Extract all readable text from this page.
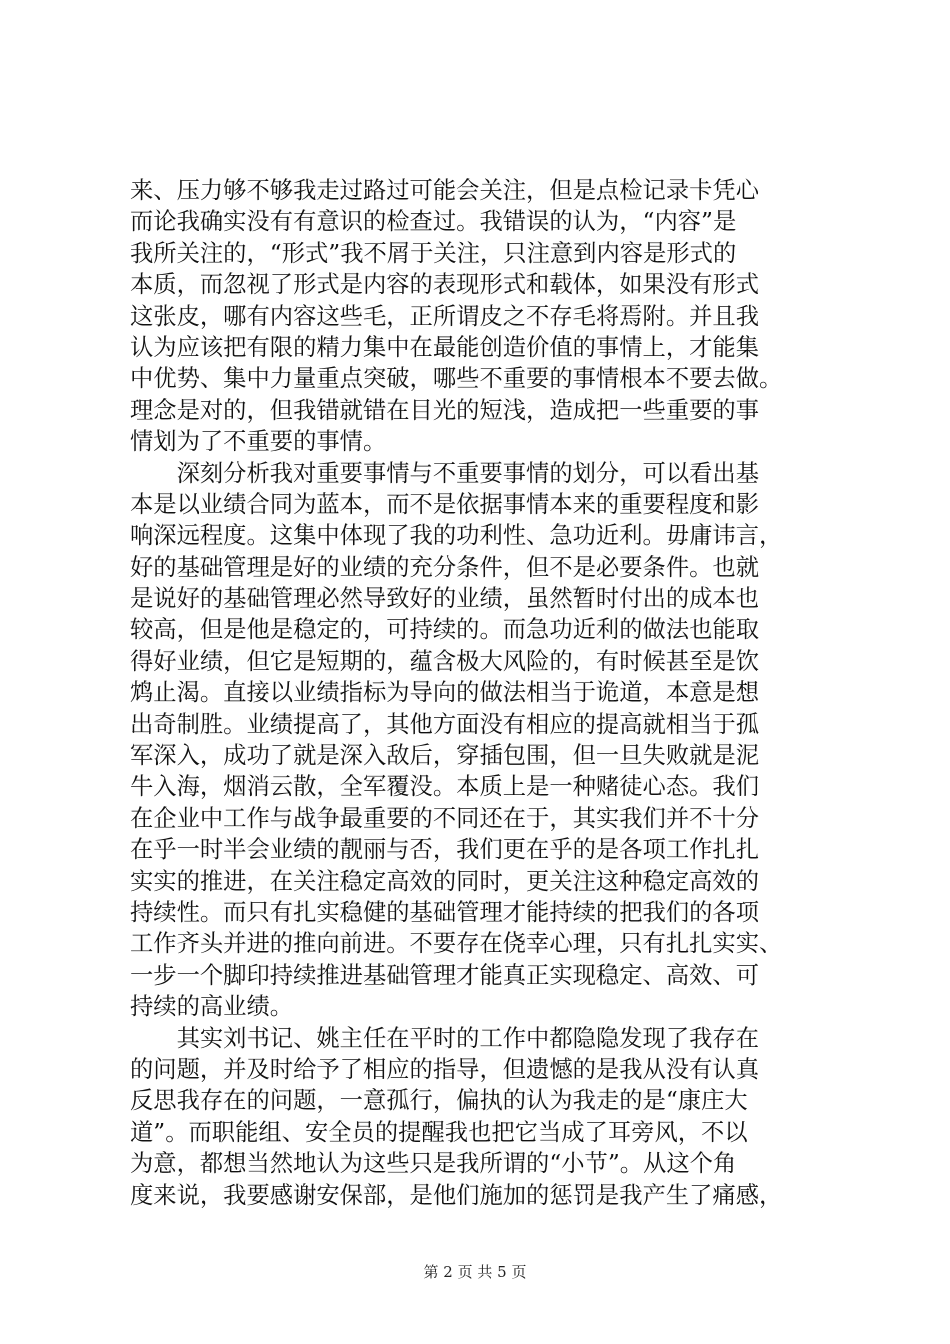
来、压力够不够我走过路过可能会关注，但是点检记录卡凭心
而论我确实没有有意识的检查过。我错误的认为，“内容”是
我所关注的，“形式”我不屑于关注，只注意到内容是形式的
本质，而忽视了形式是内容的表现形式和载体，如果没有形式
这张皮，哪有内容这些毛，正所谓皮之不存毛将焉附。并且我
认为应该把有限的精力集中在最能创造价值的事情上，才能集
中优势、集中力量重点突破，哪些不重要的事情根本不要去做。
理念是对的，但我错就错在目光的短浅，造成把一些重要的事
情划为了不重要的事情。
　　深刻分析我对重要事情与不重要事情的划分，可以看出基
本是以业绩合同为蓝本，而不是依据事情本来的重要程度和影
响深远程度。这集中体现了我的功利性、急功近利。毋庸讳言，
好的基础管理是好的业绩的充分条件，但不是必要条件。也就
是说好的基础管理必然导致好的业绩，虽然暂时付出的成本也
较高，但是他是稳定的，可持续的。而急功近利的做法也能取
得好业绩，但它是短期的，蕴含极大风险的，有时候甚至是饮
鸩止渴。直接以业绩指标为导向的做法相当于诡道，本意是想
出奇制胜。业绩提高了，其他方面没有相应的提高就相当于孤
军深入，成功了就是深入敌后，穿插包围，但一旦失败就是泥
牛入海，烟消云散，全军覆没。本质上是一种赌徒心态。我们
在企业中工作与战争最重要的不同还在于，其实我们并不十分
在乎一时半会业绩的靓丽与否，我们更在乎的是各项工作扎扎
实实的推进，在关注稳定高效的同时，更关注这种稳定高效的
持续性。而只有扎实稳健的基础管理才能持续的把我们的各项
工作齐头并进的推向前进。不要存在侥幸心理，只有扎扎实实、
一步一个脚印持续推进基础管理才能真正实现稳定、高效、可
持续的高业绩。
　　其实刘书记、姚主任在平时的工作中都隐隐发现了我存在
的问题，并及时给予了相应的指导，但遗憾的是我从没有认真
反思我存在的问题，一意孤行，偏执的认为我走的是“康庄大
道”。而职能组、安全员的提醒我也把它当成了耳旁风，不以
为意，都想当然地认为这些只是我所谓的“小节”。从这个角
度来说，我要感谢安保部，是他们施加的惩罚是我产生了痛感，
第 2 页 共 5 页
